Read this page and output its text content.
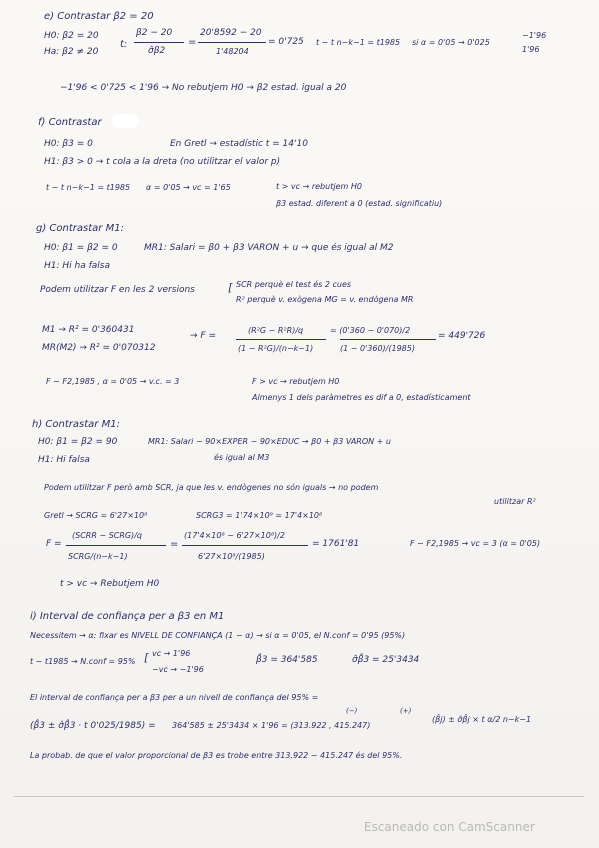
e) Contrastar β2 = 20
H0: β2 = 20
Ha: β2 ≠ 20
t:
β2 − 20
σ̂β2
=
20'8592 − 20
1'48204
= 0'725 t ∼ t n−k−1 = t1985 si α = 0'05 → 0'025
−1'96
1'96
−1'96 < 0'725 < 1'96 → No rebutjem H0 → β2 estad. igual a 20
f) Contrastar
H0: β3 = 0	En Gretl → estadístic t = 14'10
H1: β3 > 0 → t cola a la dreta (no utilitzar el valor p)
t ∼ t n−k−1 = t1985 α = 0'05 → vc = 1'65	t > vc → rebutjem H0
β3 estad. diferent a 0 (estad. significatiu)
g) Contrastar M1:
H0: β1 = β2 = 0	MR1: Salari = β0 + β3 VARON + u → que és igual al M2
H1: Hi ha falsa
Podem utilitzar F en les 2 versions	[ SCR perquè el test és 2 cues
R² perquè v. exògena MG = v. endògena MR
M1 → R² = 0'360431
MR(M2) → R² = 0'070312
→ F =
(R²G − R²R)/q
(1 − R²G)/(n−k−1)
= (0'360 − 0'070)/2
(1 − 0'360)/(1985)
= 449'726
F ∼ F2,1985 , α = 0'05 → v.c. = 3	F > vc → rebutjem H0
Almenys 1 dels paràmetres es dif a 0, estadísticament
h) Contrastar M1:
H0: β1 = β2 = 90	MR1: Salari − 90×EXPER − 90×EDUC → β0 + β3 VARON + u
és igual al M3
H1: Hi falsa
Podem utilitzar F però amb SCR, ja que les v. endògenes no són iguals → no podem
utilitzar R²
Gretl → SCRG = 6'27×10⁸	SCRG3 = 1'74×10⁹ = 17'4×10⁸
F =
(SCRR − SCRG)/q
SCRG/(n−k−1)
=
(17'4×10⁸ − 6'27×10⁸)/2
6'27×10⁸/(1985)
= 1761'81	F ∼ F2,1985 → vc = 3 (α = 0'05)
t > vc → Rebutjem H0
i) Interval de confiança per a β3 en M1
Necessitem → α: fixar es NIVELL DE CONFIANÇA (1 − α) → si α = 0'05, el N.conf = 0'95 (95%)
t ∼ t1985 → N.conf = 95% [ vc → 1'96
−vc → −1'96
β̂3 = 364'585	σ̂β̂3 = 25'3434
El interval de confiança per a β3 per a un nivell de confiança del 95% =
(−)	(+)
(β̂3 ± σ̂β̂3 · t 0'025/1985) = 364'585 ± 25'3434 × 1'96 = (313.922 , 415.247)
(β̂j) ± σ̂β̂j × t α/2 n−k−1
La probab. de que el valor proporcional de β3 es trobe entre 313.922 − 415.247 és del 95%.
Escaneado con CamScanner
